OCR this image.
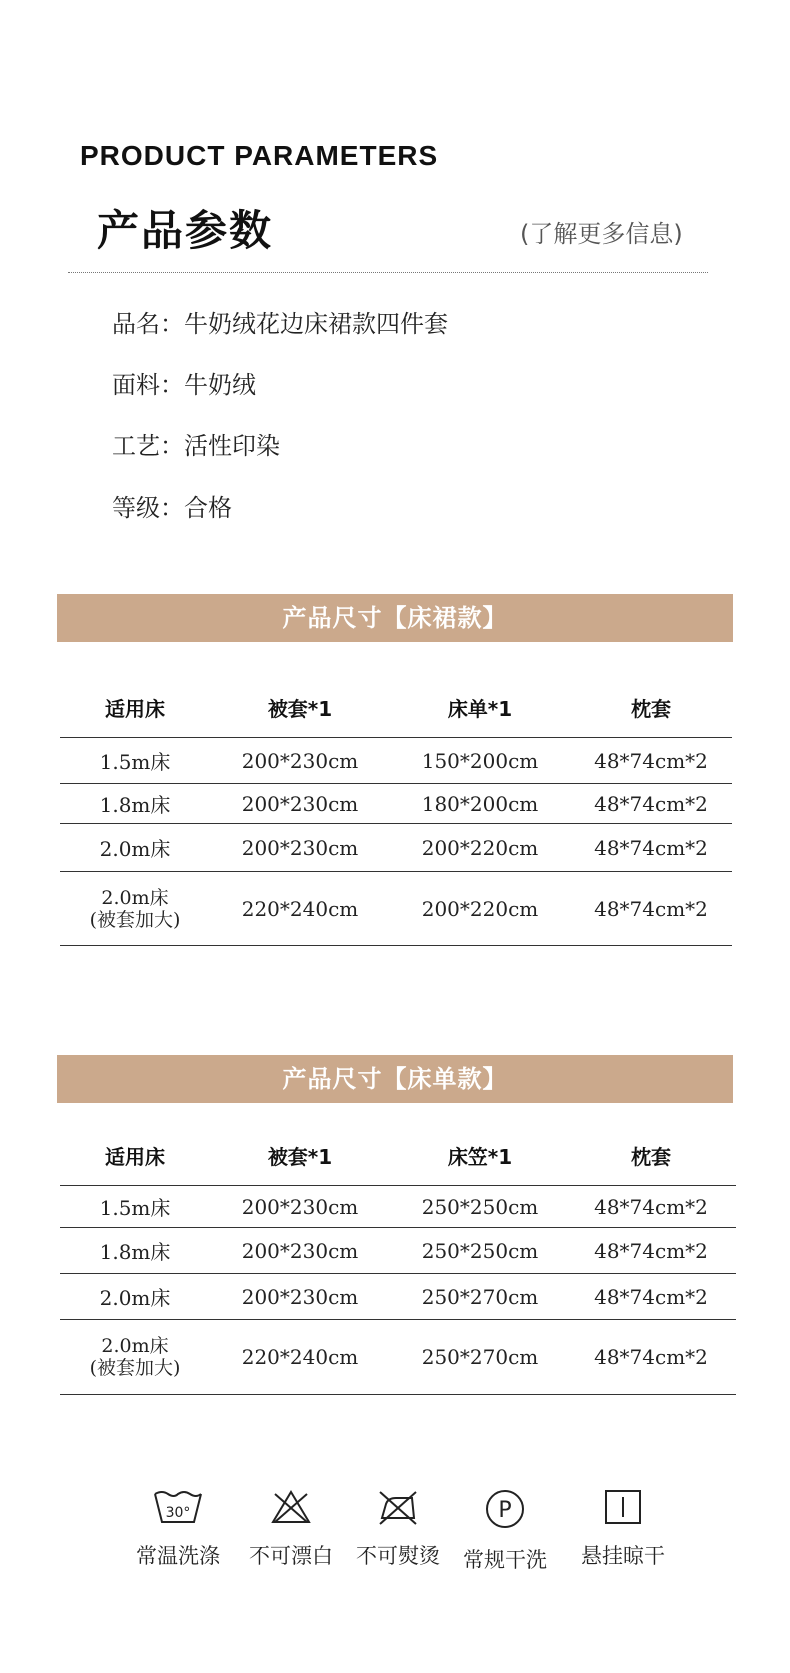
PRODUCT PARAMETERS
产品参数	(了解更多信息)
品名：牛奶绒花边床裙款四件套
面料：牛奶绒
工艺：活性印染
等级：合格
产品尺寸【床裙款】
适用床	被套*1	床单*1	枕套
1.5m床	200*230cm	150*200cm	48*74cm*2
1.8m床	200*230cm	180*200cm	48*74cm*2
2.0m床	200*230cm	200*220cm	48*74cm*2
2.0m床
(被套加大)	220*240cm	200*220cm	48*74cm*2
产品尺寸【床单款】
适用床	被套*1	床笠*1	枕套
1.5m床	200*230cm	250*250cm	48*74cm*2
1.8m床	200*230cm	250*250cm	48*74cm*2
2.0m床	200*230cm	250*270cm	48*74cm*2
2.0m床
(被套加大)	220*240cm	250*270cm	48*74cm*2
30°
常温洗涤	不可漂白	不可熨烫
P
常规干洗	悬挂晾干
